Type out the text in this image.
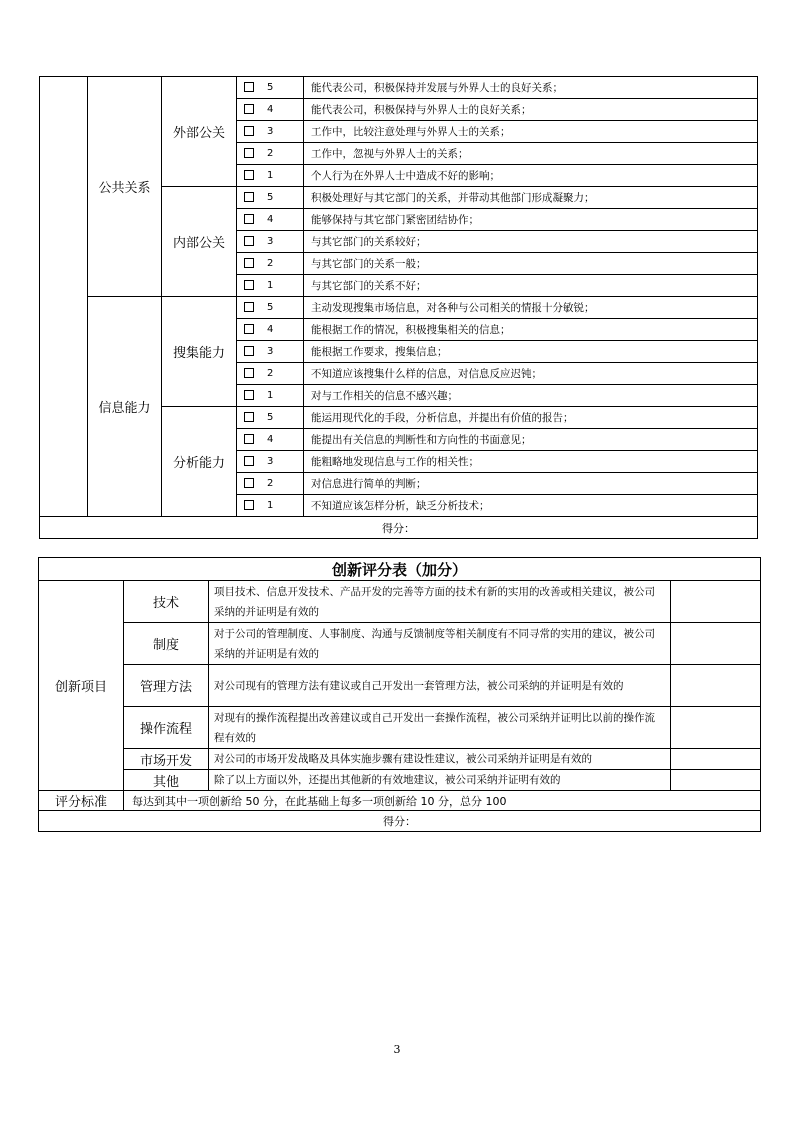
	公共关系	外部公关	5	能代表公司，积极保持并发展与外界人士的良好关系；
			4	能代表公司，积极保持与外界人士的良好关系；
			3	工作中，比较注意处理与外界人士的关系；
			2	工作中，忽视与外界人士的关系；
			1	个人行为在外界人士中造成不好的影响；
		内部公关	5	积极处理好与其它部门的关系，并带动其他部门形成凝聚力；
			4	能够保持与其它部门紧密团结协作；
			3	与其它部门的关系较好；
			2	与其它部门的关系一般；
			1	与其它部门的关系不好；
	信息能力	搜集能力	5	主动发现搜集市场信息，对各种与公司相关的情报十分敏锐；
			4	能根据工作的情况，积极搜集相关的信息；
			3	能根据工作要求，搜集信息；
			2	不知道应该搜集什么样的信息，对信息反应迟钝；
			1	对与工作相关的信息不感兴趣；
		分析能力	5	能运用现代化的手段，分析信息，并提出有价值的报告；
			4	能提出有关信息的判断性和方向性的书面意见；
			3	能粗略地发现信息与工作的相关性；
			2	对信息进行简单的判断；
			1	不知道应该怎样分析，缺乏分析技术；
得分：				
创新评分表（加分）			
创新项目	技术	项目技术、信息开发技术、产品开发的完善等方面的技术有新的实用的改善或相关建议，被公司采纳的并证明是有效的	
	制度	对于公司的管理制度、人事制度、沟通与反馈制度等相关制度有不同寻常的实用的建议，被公司采纳的并证明是有效的	
	管理方法	对公司现有的管理方法有建议或自己开发出一套管理方法，被公司采纳的并证明是有效的	
	操作流程	对现有的操作流程提出改善建议或自己开发出一套操作流程，被公司采纳并证明比以前的操作流程有效的	
	市场开发	对公司的市场开发战略及具体实施步骤有建设性建议，被公司采纳并证明是有效的	
	其他	除了以上方面以外，还提出其他新的有效地建议，被公司采纳并证明有效的	
评分标准	每达到其中一项创新给 50 分，在此基础上每多一项创新给 10 分，总分 100		
得分：			
3
